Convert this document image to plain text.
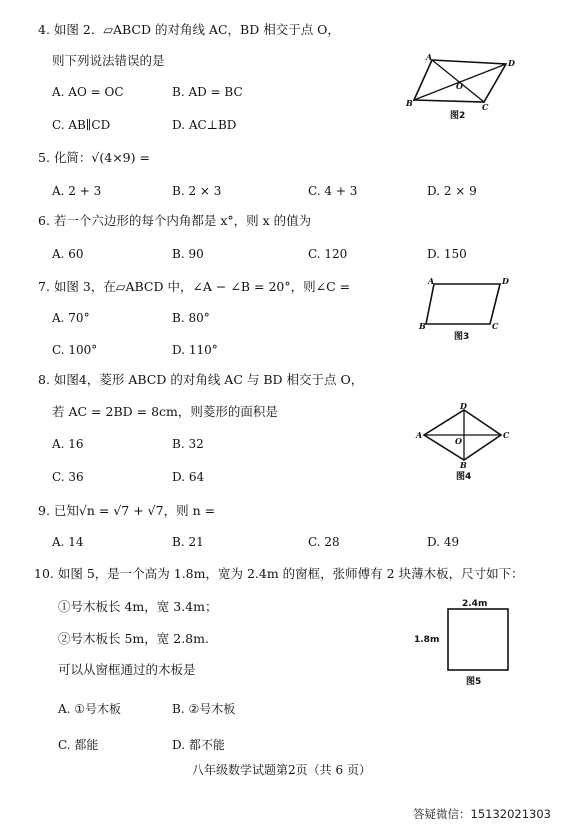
4. 如图 2．▱ABCD 的对角线 AC，BD 相交于点 O，
则下列说法错误的是
A. AO = OC	B. AD = BC
C. AB∥CD	D. AC⊥BD
A
D
B	C
O
图2
5. 化简：√(4×9) =
A. 2 + 3	B. 2 × 3	C. 4 + 3	D. 2 × 9
6. 若一个六边形的每个内角都是 x°，则 x 的值为
A. 60	B. 90	C. 120	D. 150
7. 如图 3，在▱ABCD 中，∠A − ∠B = 20°，则∠C =
A. 70°	B. 80°
C. 100°	D. 110°
A	D
B	C
图3
8. 如图4，菱形 ABCD 的对角线 AC 与 BD 相交于点 O，
若 AC = 2BD = 8cm，则菱形的面积是
A. 16	B. 32
C. 36	D. 64
D
A
O
C
B
图4
9. 已知√n = √7 + √7，则 n =
A. 14	B. 21	C. 28	D. 49
10. 如图 5，是一个高为 1.8m，宽为 2.4m 的窗框，张师傅有 2 块薄木板，尺寸如下：
①号木板长 4m，宽 3.4m；
②号木板长 5m，宽 2.8m.
可以从窗框通过的木板是
A. ①号木板	B. ②号木板
C. 都能	D. 都不能
2.4m
1.8m
图5
八年级数学试题第2页（共 6 页）
答疑微信：15132021303
